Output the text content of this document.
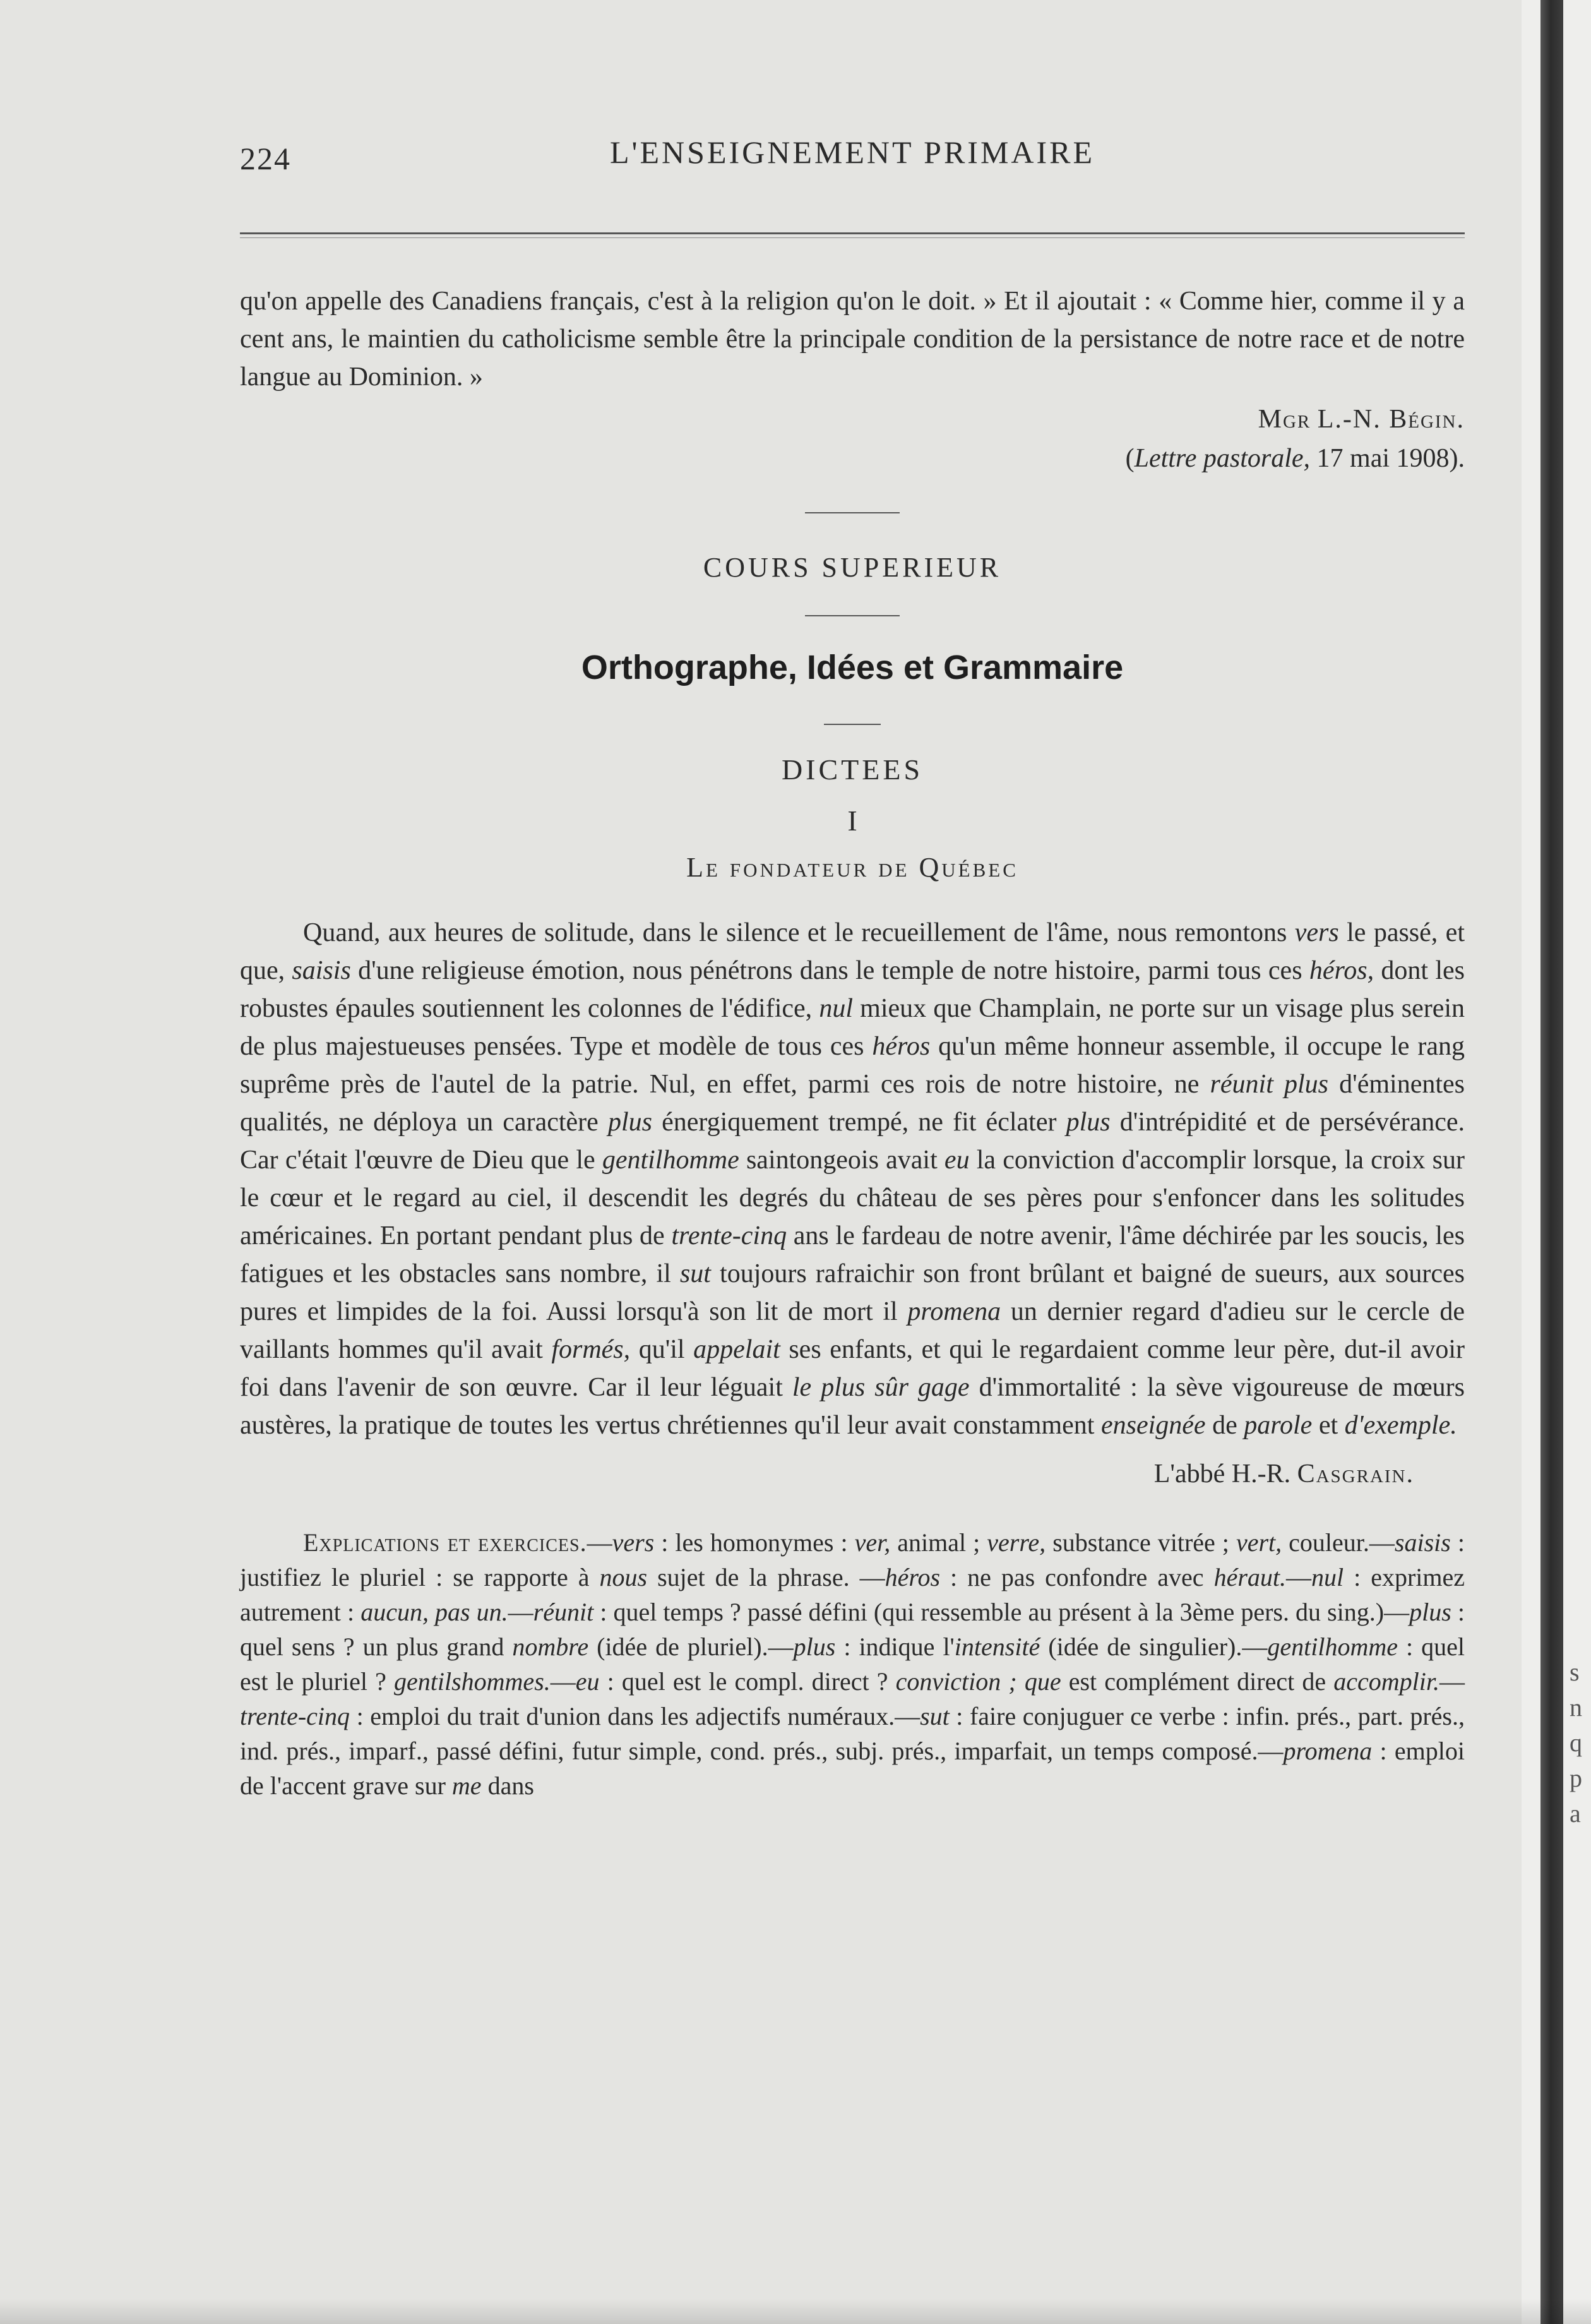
s
n
q
p
a
224	L'ENSEIGNEMENT PRIMAIRE

qu'on appelle des Canadiens français, c'est à la religion qu'on le doit. » Et il ajoutait : « Comme hier, comme il y a cent ans, le maintien du catholicisme semble être la principale condition de la persistance de notre race et de notre langue au Dominion. »

Mgr L.-N. Bégin.
(Lettre pastorale, 17 mai 1908).
COURS SUPERIEUR
Orthographe, Idées et Grammaire
DICTEES
I
Le fondateur de Québec

Quand, aux heures de solitude, dans le silence et le recueillement de l'âme, nous remontons vers le passé, et que, saisis d'une religieuse émotion, nous pénétrons dans le temple de notre histoire, parmi tous ces héros, dont les robustes épaules soutiennent les colonnes de l'édifice, nul mieux que Champlain, ne porte sur un visage plus serein de plus majestueuses pensées. Type et modèle de tous ces héros qu'un même honneur assemble, il occupe le rang suprême près de l'autel de la patrie. Nul, en effet, parmi ces rois de notre histoire, ne réunit plus d'éminentes qualités, ne déploya un caractère plus énergiquement trempé, ne fit éclater plus d'intrépidité et de persévérance. Car c'était l'œuvre de Dieu que le gentilhomme saintongeois avait eu la conviction d'accomplir lorsque, la croix sur le cœur et le regard au ciel, il descendit les degrés du château de ses pères pour s'enfoncer dans les solitudes américaines. En portant pendant plus de trente-cinq ans le fardeau de notre avenir, l'âme déchirée par les soucis, les fatigues et les obstacles sans nombre, il sut toujours rafraichir son front brûlant et baigné de sueurs, aux sources pures et limpides de la foi. Aussi lorsqu'à son lit de mort il promena un dernier regard d'adieu sur le cercle de vaillants hommes qu'il avait formés, qu'il appelait ses enfants, et qui le regardaient comme leur père, dut-il avoir foi dans l'avenir de son œuvre. Car il leur léguait le plus sûr gage d'immortalité : la sève vigoureuse de mœurs austères, la pratique de toutes les vertus chrétiennes qu'il leur avait constamment enseignée de parole et d'exemple.

L'abbé H.-R. Casgrain.

Explications et exercices.—vers : les homonymes : ver, animal ; verre, substance vitrée ; vert, couleur.—saisis : justifiez le pluriel : se rapporte à nous sujet de la phrase. —héros : ne pas confondre avec héraut.—nul : exprimez autrement : aucun, pas un.—réunit : quel temps ? passé défini (qui ressemble au présent à la 3ème pers. du sing.)—plus : quel sens ? un plus grand nombre (idée de pluriel).—plus : indique l'intensité (idée de singulier).—gentilhomme : quel est le pluriel ? gentilshommes.—eu : quel est le compl. direct ? conviction ; que est complément direct de accomplir.—trente-cinq : emploi du trait d'union dans les adjectifs numéraux.—sut : faire conjuguer ce verbe : infin. prés., part. prés., ind. prés., imparf., passé défini, futur simple, cond. prés., subj. prés., imparfait, un temps composé.—promena : emploi de l'accent grave sur me dans
